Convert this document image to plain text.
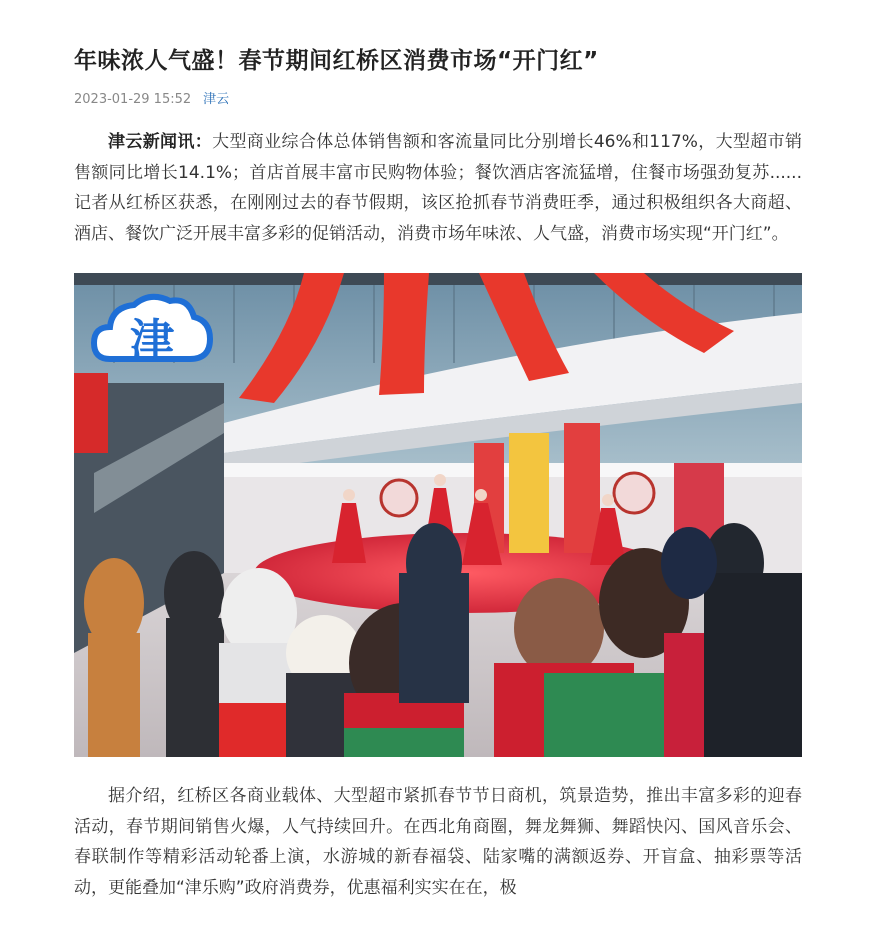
年味浓人气盛！春节期间红桥区消费市场“开门红”
2023-01-29 15:52 津云

津云新闻讯：大型商业综合体总体销售额和客流量同比分别增长46%和117%，大型超市销售额同比增长14.1%；首店首展丰富市民购物体验；餐饮酒店客流猛增，住餐市场强劲复苏......记者从红桥区获悉，在刚刚过去的春节假期，该区抢抓春节消费旺季，通过积极组织各大商超、酒店、餐饮广泛开展丰富多彩的促销活动，消费市场年味浓、人气盛，消费市场实现“开门红”。

津

据介绍，红桥区各商业载体、大型超市紧抓春节节日商机，筑景造势，推出丰富多彩的迎春活动，春节期间销售火爆，人气持续回升。在西北角商圈，舞龙舞狮、舞蹈快闪、国风音乐会、春联制作等精彩活动轮番上演，水游城的新春福袋、陆家嘴的满额返券、开盲盒、抽彩票等活动，更能叠加“津乐购”政府消费券，优惠福利实实在在，极
